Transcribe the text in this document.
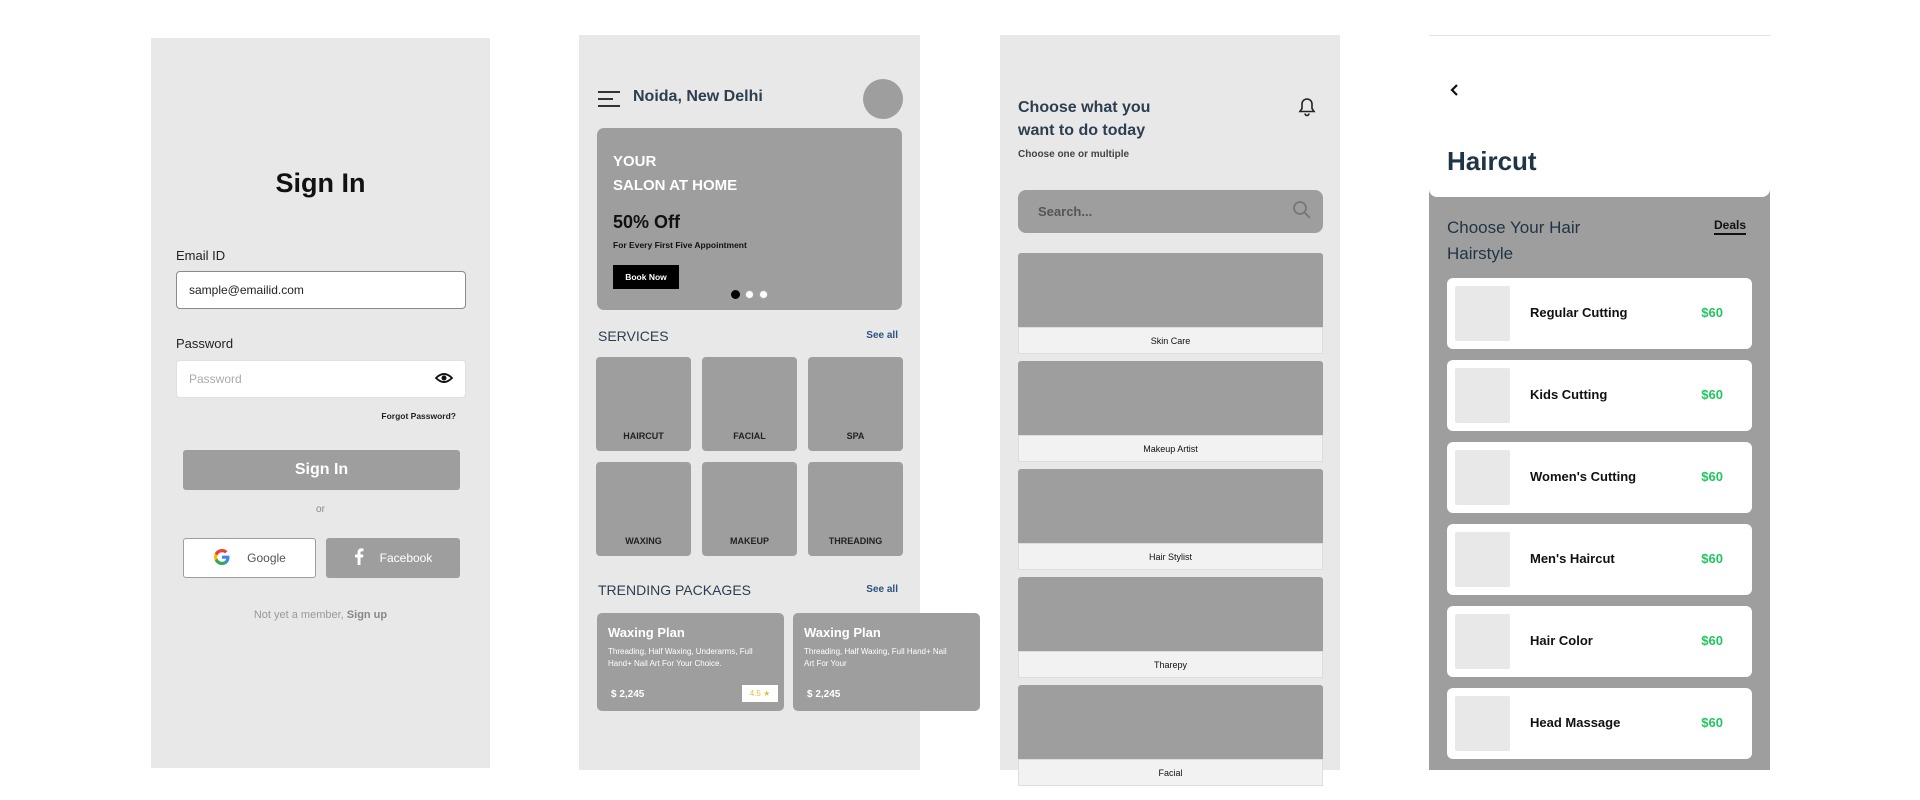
Sign In
Email ID
sample@emailid.com
Password
Password
Forgot Password?
Sign In
or
Google	Facebook
Not yet a member, Sign up
Noida, New Delhi
YOUR
SALON AT HOME
50% Off
For Every First Five Appointment
Book Now
SERVICES	See all
HAIRCUT	FACIAL	SPA
WAXING	MAKEUP	THREADING
TRENDING PACKAGES	See all
Waxing Plan
Threading, Half Waxing, Underarms, Full Hand+ Nail Art For Your Choice.
$ 2,245	4.5 ★
Waxing Plan
Threading, Half Waxing, Full Hand+ Nail Art For Your
$ 2,245
Choose what you want to do today
Choose one or multiple
Search...
Skin Care
Makeup Artist
Hair Stylist
Tharepy
Facial
Haircut
Choose Your Hair Hairstyle
Deals
Regular Cutting	$60
Kids Cutting	$60
Women's Cutting	$60
Men's Haircut	$60
Hair Color	$60
Head Massage	$60
